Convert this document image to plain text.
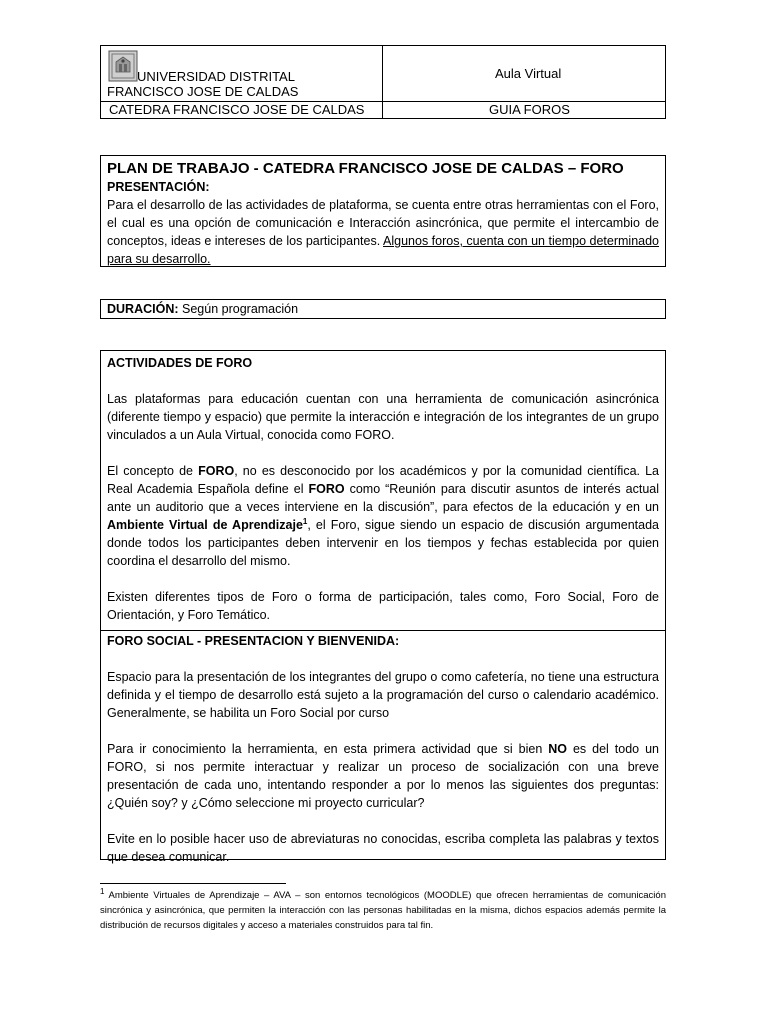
UNIVERSIDAD DISTRITAL
FRANCISCO JOSE DE CALDAS
Aula Virtual
CATEDRA FRANCISCO JOSE DE CALDAS	GUIA FOROS

PLAN DE TRABAJO - CATEDRA FRANCISCO JOSE DE CALDAS – FORO

PRESENTACIÓN:

Para el desarrollo de las actividades de plataforma, se cuenta entre otras herramientas con el Foro, el cual es una opción de comunicación e Interacción asincrónica, que permite el intercambio de conceptos, ideas e intereses de los participantes. Algunos foros, cuenta con un tiempo determinado para su desarrollo.

DURACIÓN: Según programación

ACTIVIDADES DE FORO

Las plataformas para educación cuentan con una herramienta de comunicación asincrónica (diferente tiempo y espacio) que permite la interacción e integración de los integrantes de un grupo vinculados a un Aula Virtual, conocida como FORO.

El concepto de FORO, no es desconocido por los académicos y por la comunidad científica. La Real Academia Española define el FORO como “Reunión para discutir asuntos de interés actual ante un auditorio que a veces interviene en la discusión”, para efectos de la educación y en un Ambiente Virtual de Aprendizaje$^1$, el Foro, sigue siendo un espacio de discusión argumentada donde todos los participantes deben intervenir en los tiempos y fechas establecida por quien coordina el desarrollo del mismo.

Existen diferentes tipos de Foro o forma de participación, tales como, Foro Social, Foro de Orientación, y Foro Temático.

FORO SOCIAL - PRESENTACION Y BIENVENIDA:

Espacio para la presentación de los integrantes del grupo o como cafetería, no tiene una estructura definida y el tiempo de desarrollo está sujeto a la programación del curso o calendario académico. Generalmente, se habilita un Foro Social por curso

Para ir conocimiento la herramienta, en esta primera actividad que si bien NO es del todo un FORO, si nos permite interactuar y realizar un proceso de socialización con una breve presentación de cada uno, intentando responder a por lo menos las siguientes dos preguntas: ¿Quién soy? y ¿Cómo seleccione mi proyecto curricular?

Evite en lo posible hacer uso de abreviaturas no conocidas, escriba completa las palabras y textos que desea comunicar.

$^1$ Ambiente Virtuales de Aprendizaje – AVA – son entornos tecnológicos (MOODLE) que ofrecen herramientas de comunicación sincrónica y asincrónica, que permiten la interacción con las personas habilitadas en la misma, dichos espacios además permite la distribución de recursos digitales y acceso a materiales construidos para tal fin.
